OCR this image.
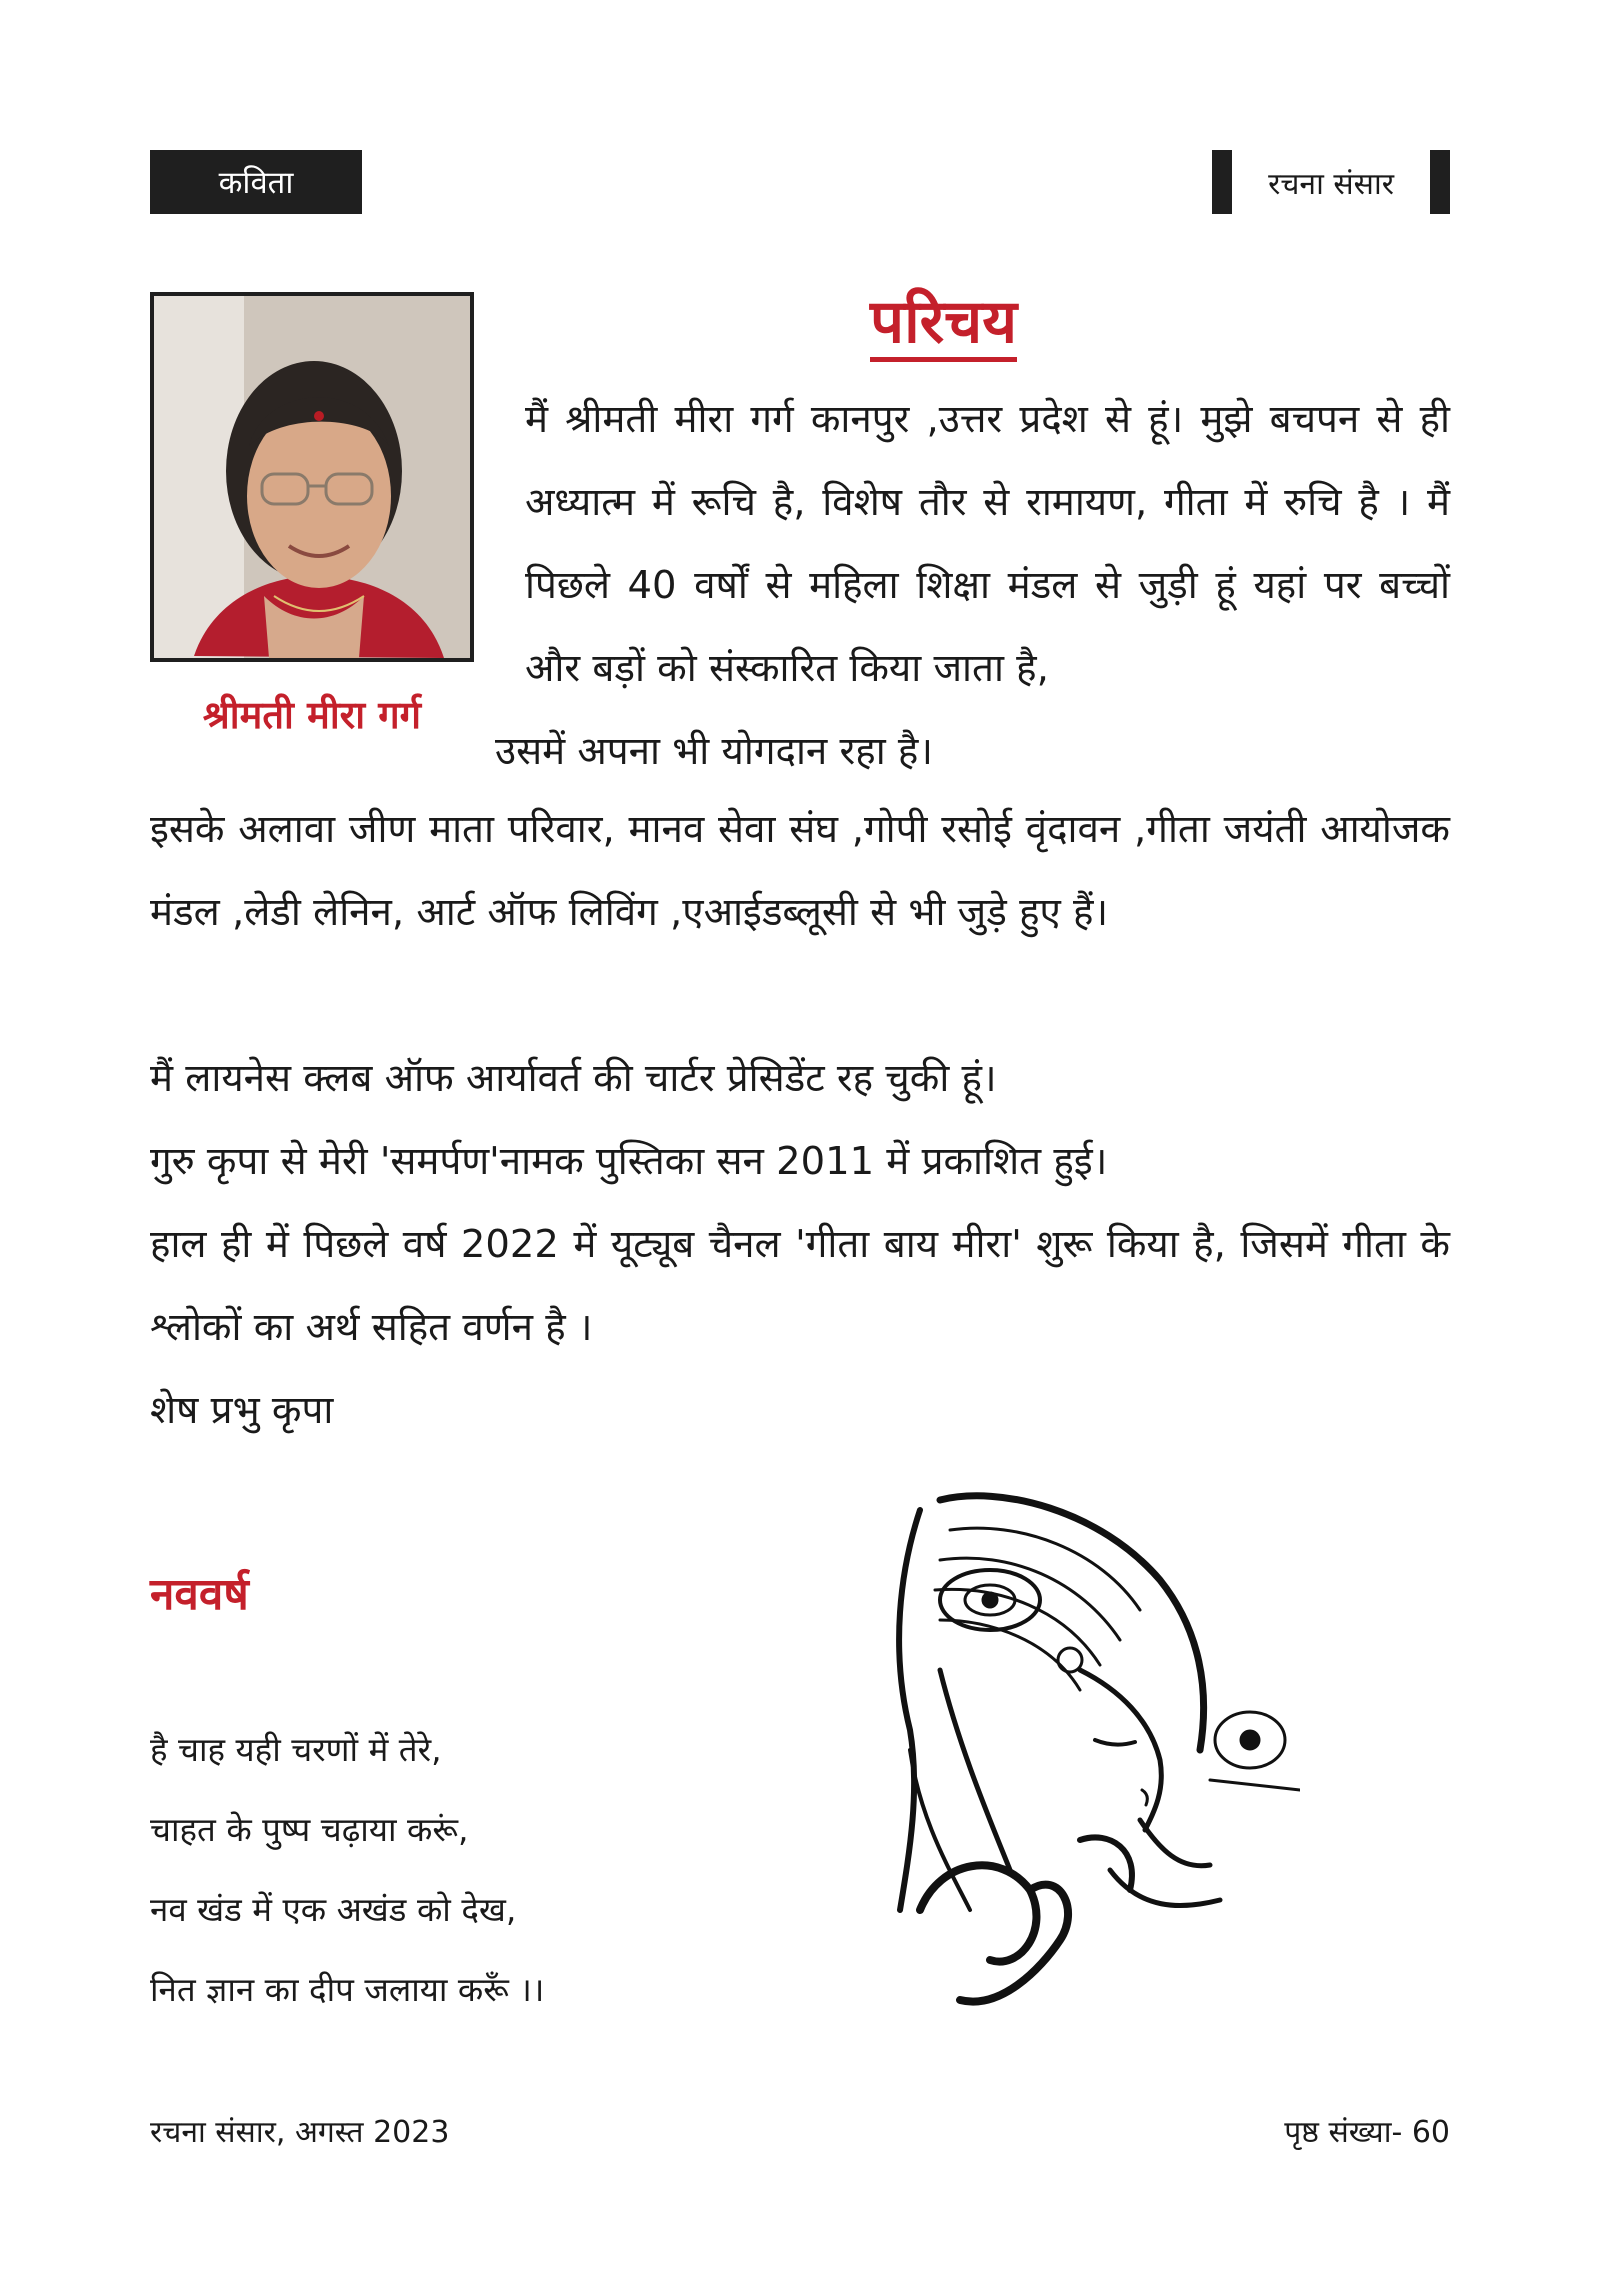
कविता	रचना संसार
श्रीमती मीरा गर्ग
परिचय

मैं श्रीमती मीरा गर्ग कानपुर ,उत्तर प्रदेश से हूं। मुझे बचपन से ही अध्यात्म में रूचि है, विशेष तौर से रामायण, गीता में रुचि है । मैं पिछले 40 वर्षों से महिला शिक्षा मंडल से जुड़ी हूं यहां पर बच्चों और बड़ों को संस्कारित किया जाता है,
उसमें अपना भी योगदान रहा है।

इसके अलावा जीण माता परिवार, मानव सेवा संघ ,गोपी रसोई वृंदावन ,गीता जयंती आयोजक मंडल ,लेडी लेनिन, आर्ट ऑफ लिविंग ,एआईडब्लूसी से भी जुड़े हुए हैं।

मैं लायनेस क्लब ऑफ आर्यावर्त की चार्टर प्रेसिडेंट रह चुकी हूं।

गुरु कृपा से मेरी 'समर्पण'नामक पुस्तिका सन 2011 में प्रकाशित हुई।

हाल ही में पिछले वर्ष 2022 में यूट्यूब चैनल 'गीता बाय मीरा' शुरू किया है, जिसमें गीता के श्लोकों का अर्थ सहित वर्णन है ।

शेष प्रभु कृपा

नववर्ष
है चाह यही चरणों में तेरे,
चाहत के पुष्प चढ़ाया करूं,
नव खंड में एक अखंड को देख,
नित ज्ञान का दीप जलाया करूँ ।।
रचना संसार, अगस्त 2023	पृष्ठ संख्या- 60
